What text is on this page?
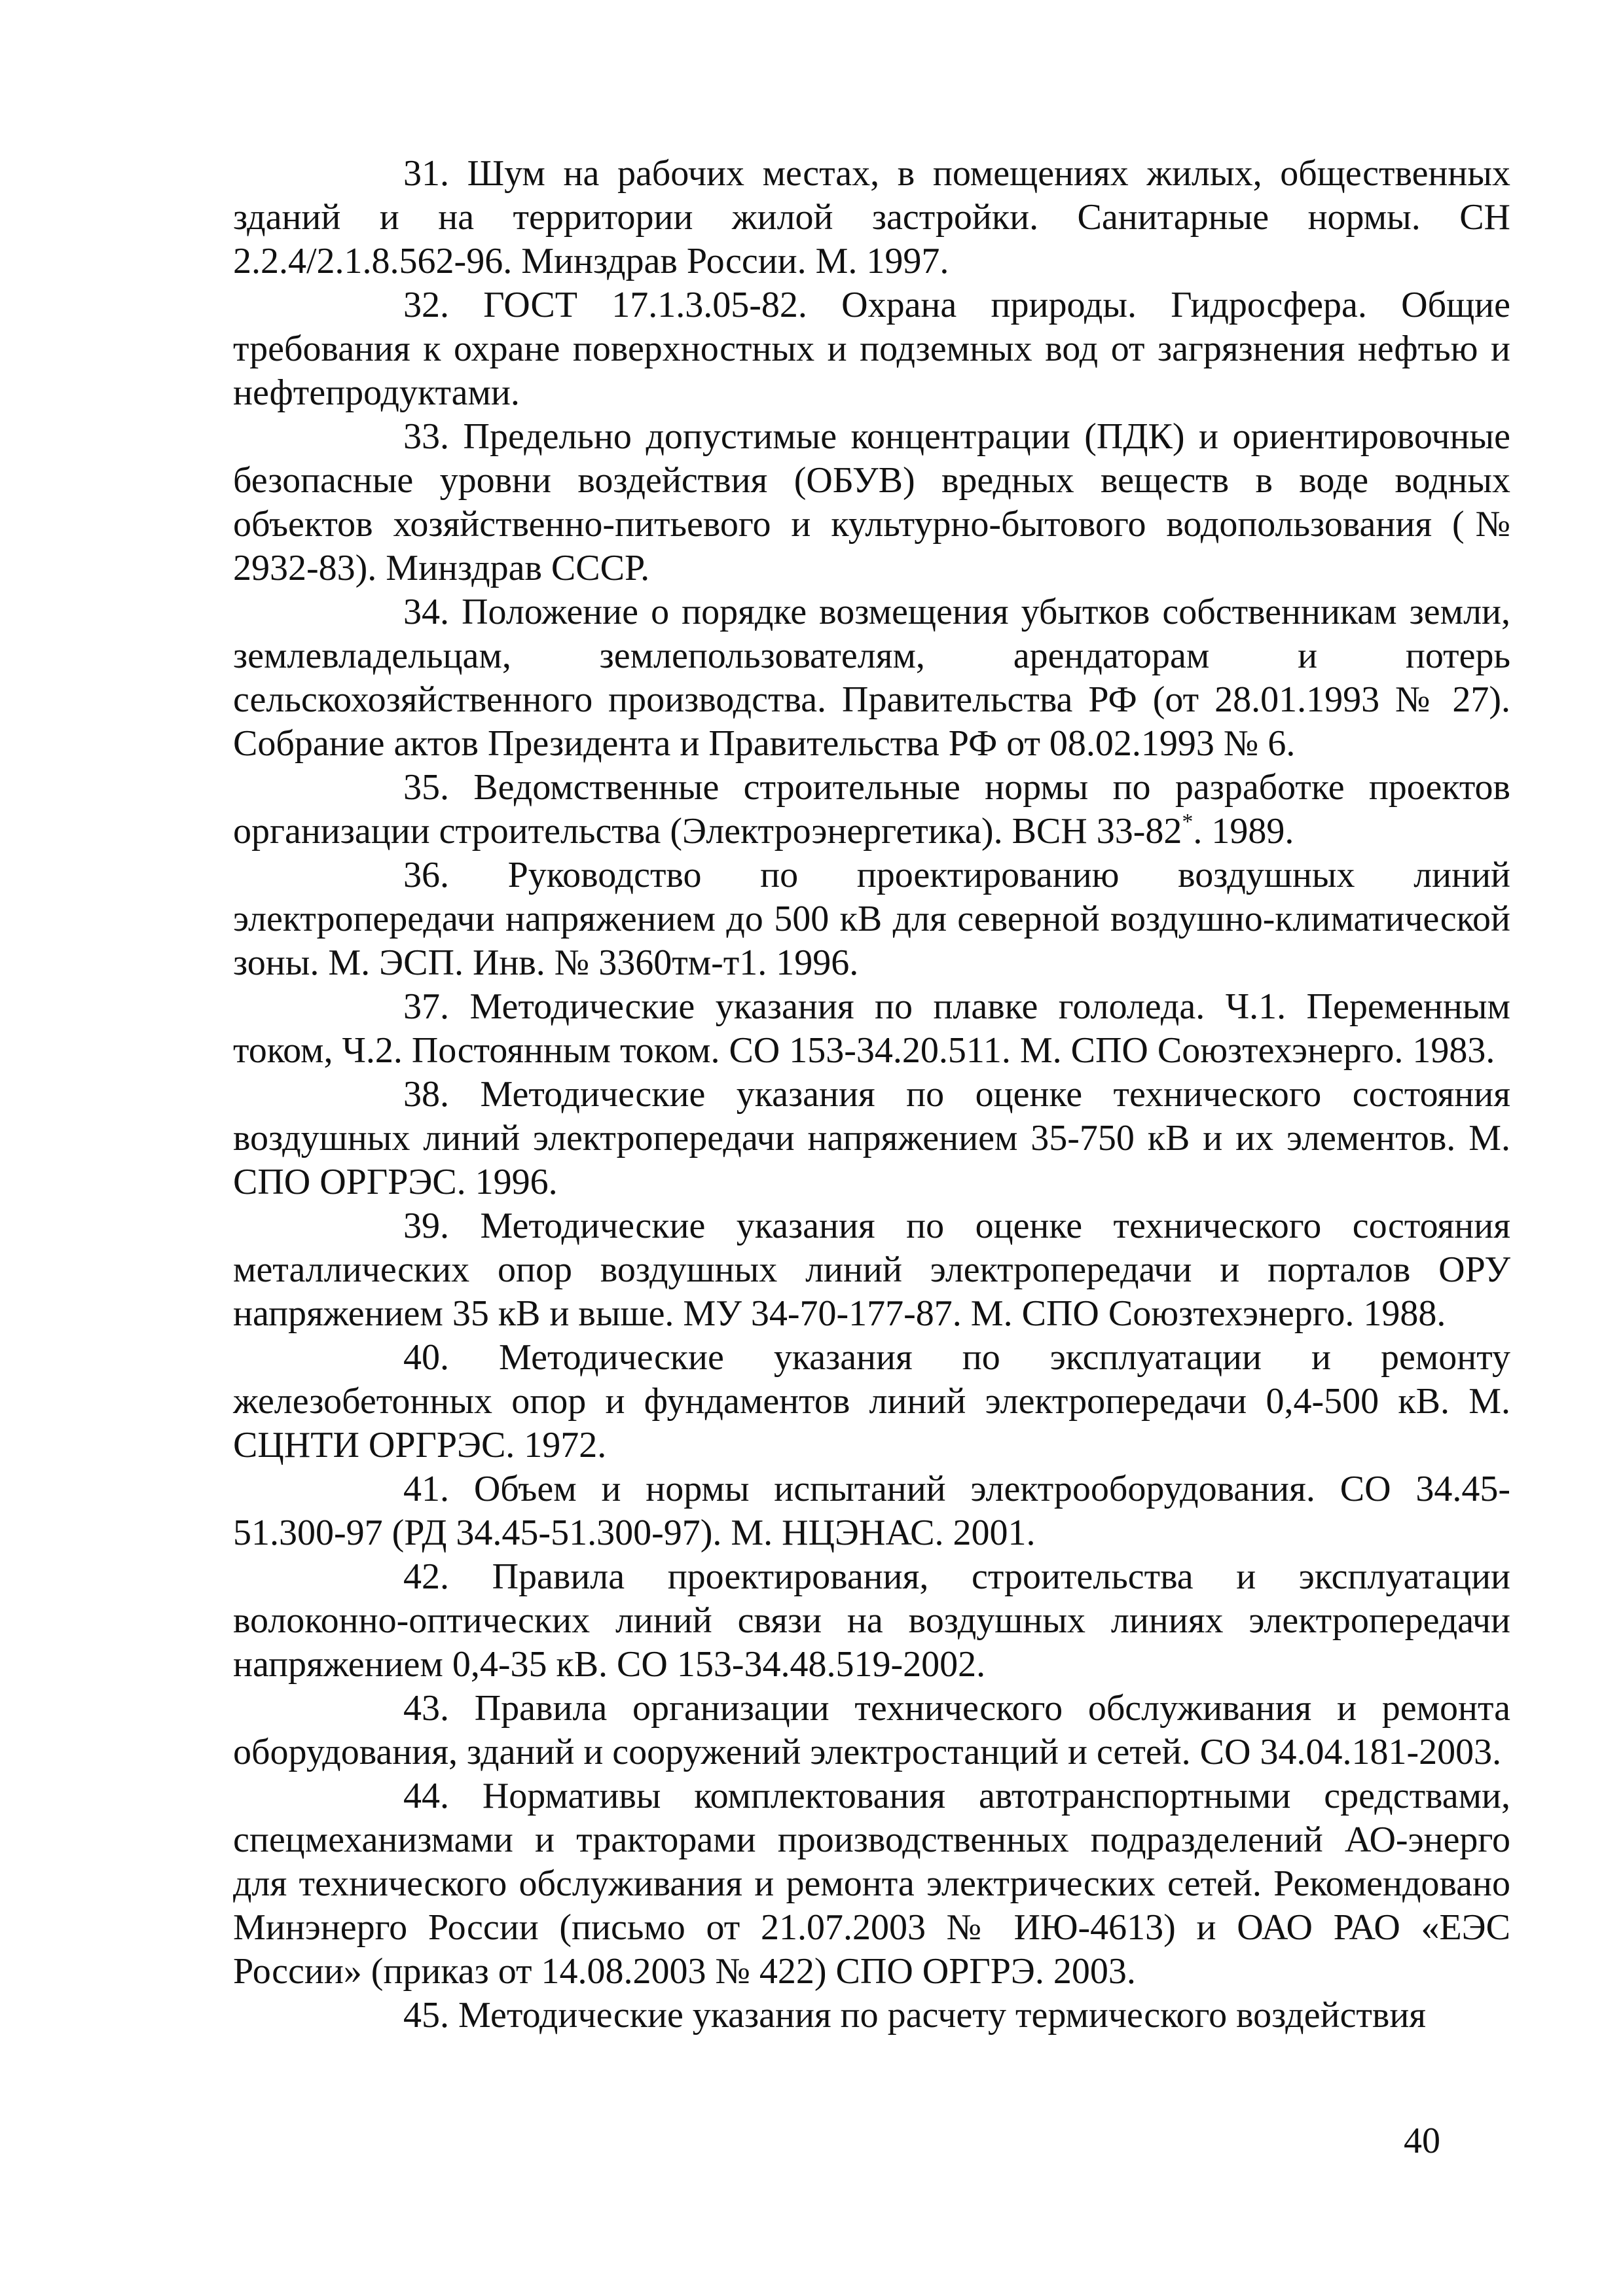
31. Шум на рабочих местах, в помещениях жилых, общественных зданий и на территории жилой застройки. Санитарные нормы. СН 2.2.4/2.1.8.562-96. Минздрав России. М. 1997.

32. ГОСТ 17.1.3.05-82. Охрана природы. Гидросфера. Общие требования к охране поверхностных и подземных вод от загрязнения нефтью и нефтепродуктами.

33. Предельно допустимые концентрации (ПДК) и ориентировочные безопасные уровни воздействия (ОБУВ) вредных веществ в воде водных объектов хозяйственно-питьевого и культурно-бытового водопользования (№ 2932-83). Минздрав СССР.

34. Положение о порядке возмещения убытков собственникам земли, землевладельцам, землепользователям, арендаторам и потерь сельскохозяйственного производства. Правительства РФ (от 28.01.1993 № 27). Собрание актов Президента и Правительства РФ от 08.02.1993 № 6.

35. Ведомственные строительные нормы по разработке проектов организации строительства (Электроэнергетика). ВСН 33-82*. 1989.

36. Руководство по проектированию воздушных линий электропередачи напряжением до 500 кВ для северной воздушно-климатической зоны. М. ЭСП. Инв. № 3360тм-т1. 1996.

37. Методические указания по плавке гололеда. Ч.1. Переменным током, Ч.2. Постоянным током. СО 153-34.20.511. М. СПО Союзтехэнерго. 1983.

38. Методические указания по оценке технического состояния воздушных линий электропередачи напряжением 35-750 кВ и их элементов. М. СПО ОРГРЭС. 1996.

39. Методические указания по оценке технического состояния металлических опор воздушных линий электропередачи и порталов ОРУ напряжением 35 кВ и выше. МУ 34-70-177-87. М. СПО Союзтехэнерго. 1988.

40. Методические указания по эксплуатации и ремонту железобетонных опор и фундаментов линий электропередачи 0,4-500 кВ. М. СЦНТИ ОРГРЭС. 1972.

41. Объем и нормы испытаний электрооборудования. СО 34.45-51.300-97 (РД 34.45-51.300-97). М. НЦЭНАС. 2001.

42. Правила проектирования, строительства и эксплуатации волоконно-оптических линий связи на воздушных линиях электропередачи напряжением 0,4-35 кВ. СО 153-34.48.519-2002.

43. Правила организации технического обслуживания и ремонта оборудования, зданий и сооружений электростанций и сетей. СО 34.04.181-2003.

44. Нормативы комплектования автотранспортными средствами, спецмеханизмами и тракторами производственных подразделений АО-энерго для технического обслуживания и ремонта электрических сетей. Рекомендовано Минэнерго России (письмо от 21.07.2003 № ИЮ-4613) и ОАО РАО «ЕЭС России» (приказ от 14.08.2003 № 422) СПО ОРГРЭ. 2003.

45. Методические указания по расчету термического воздействия

40
